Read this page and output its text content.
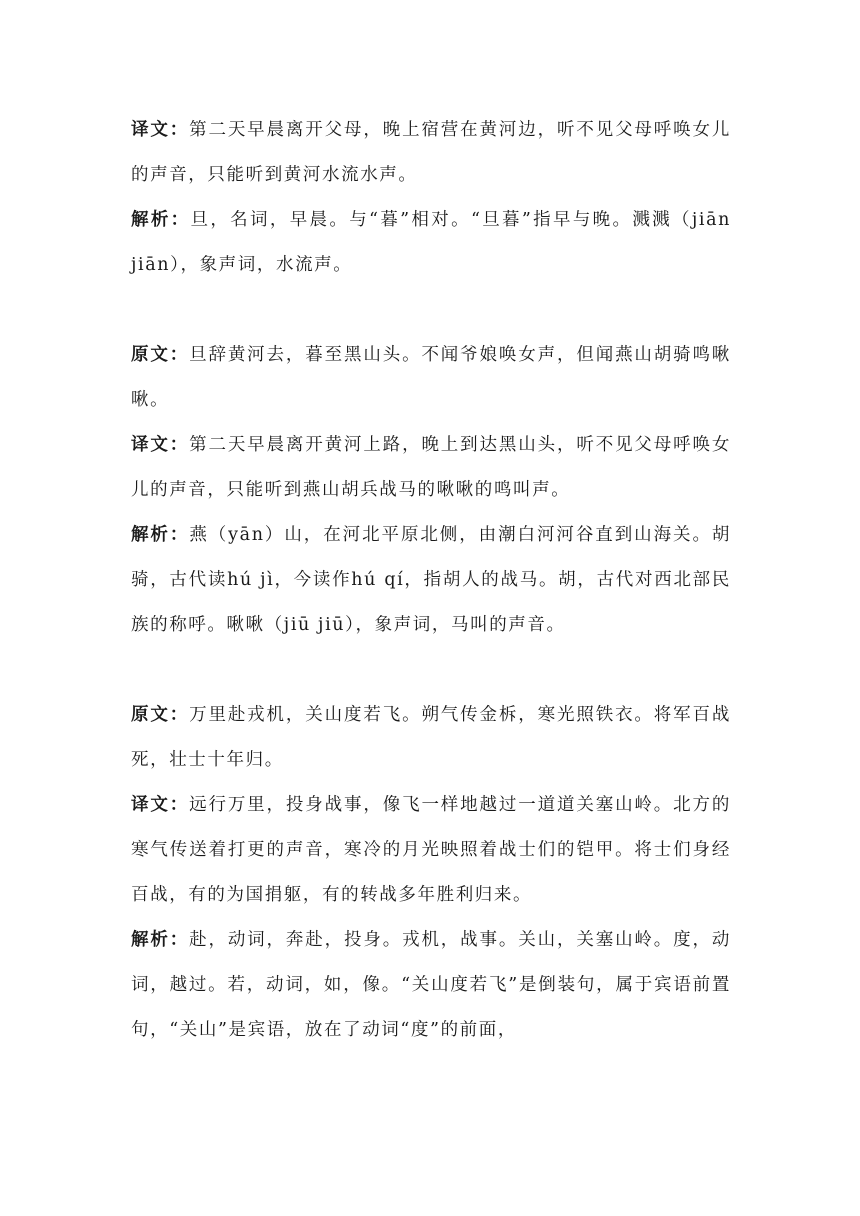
译文：第二天早晨离开父母，晚上宿营在黄河边，听不见父母呼唤女儿的声音，只能听到黄河水流水声。

解析：旦，名词，早晨。与“暮”相对。“旦暮”指早与晚。溅溅（jiān jiān），象声词，水流声。

原文：旦辞黄河去，暮至黑山头。不闻爷娘唤女声，但闻燕山胡骑鸣啾啾。

译文：第二天早晨离开黄河上路，晚上到达黑山头，听不见父母呼唤女儿的声音，只能听到燕山胡兵战马的啾啾的鸣叫声。

解析：燕（yān）山，在河北平原北侧，由潮白河河谷直到山海关。胡骑，古代读hú jì，今读作hú qí，指胡人的战马。胡，古代对西北部民族的称呼。啾啾（jiū jiū），象声词，马叫的声音。

原文：万里赴戎机，关山度若飞。朔气传金柝，寒光照铁衣。将军百战死，壮士十年归。

译文：远行万里，投身战事，像飞一样地越过一道道关塞山岭。北方的寒气传送着打更的声音，寒冷的月光映照着战士们的铠甲。将士们身经百战，有的为国捐躯，有的转战多年胜利归来。

解析：赴，动词，奔赴，投身。戎机，战事。关山，关塞山岭。度，动词，越过。若，动词，如，像。“关山度若飞”是倒装句，属于宾语前置句，“关山”是宾语，放在了动词“度”的前面，
